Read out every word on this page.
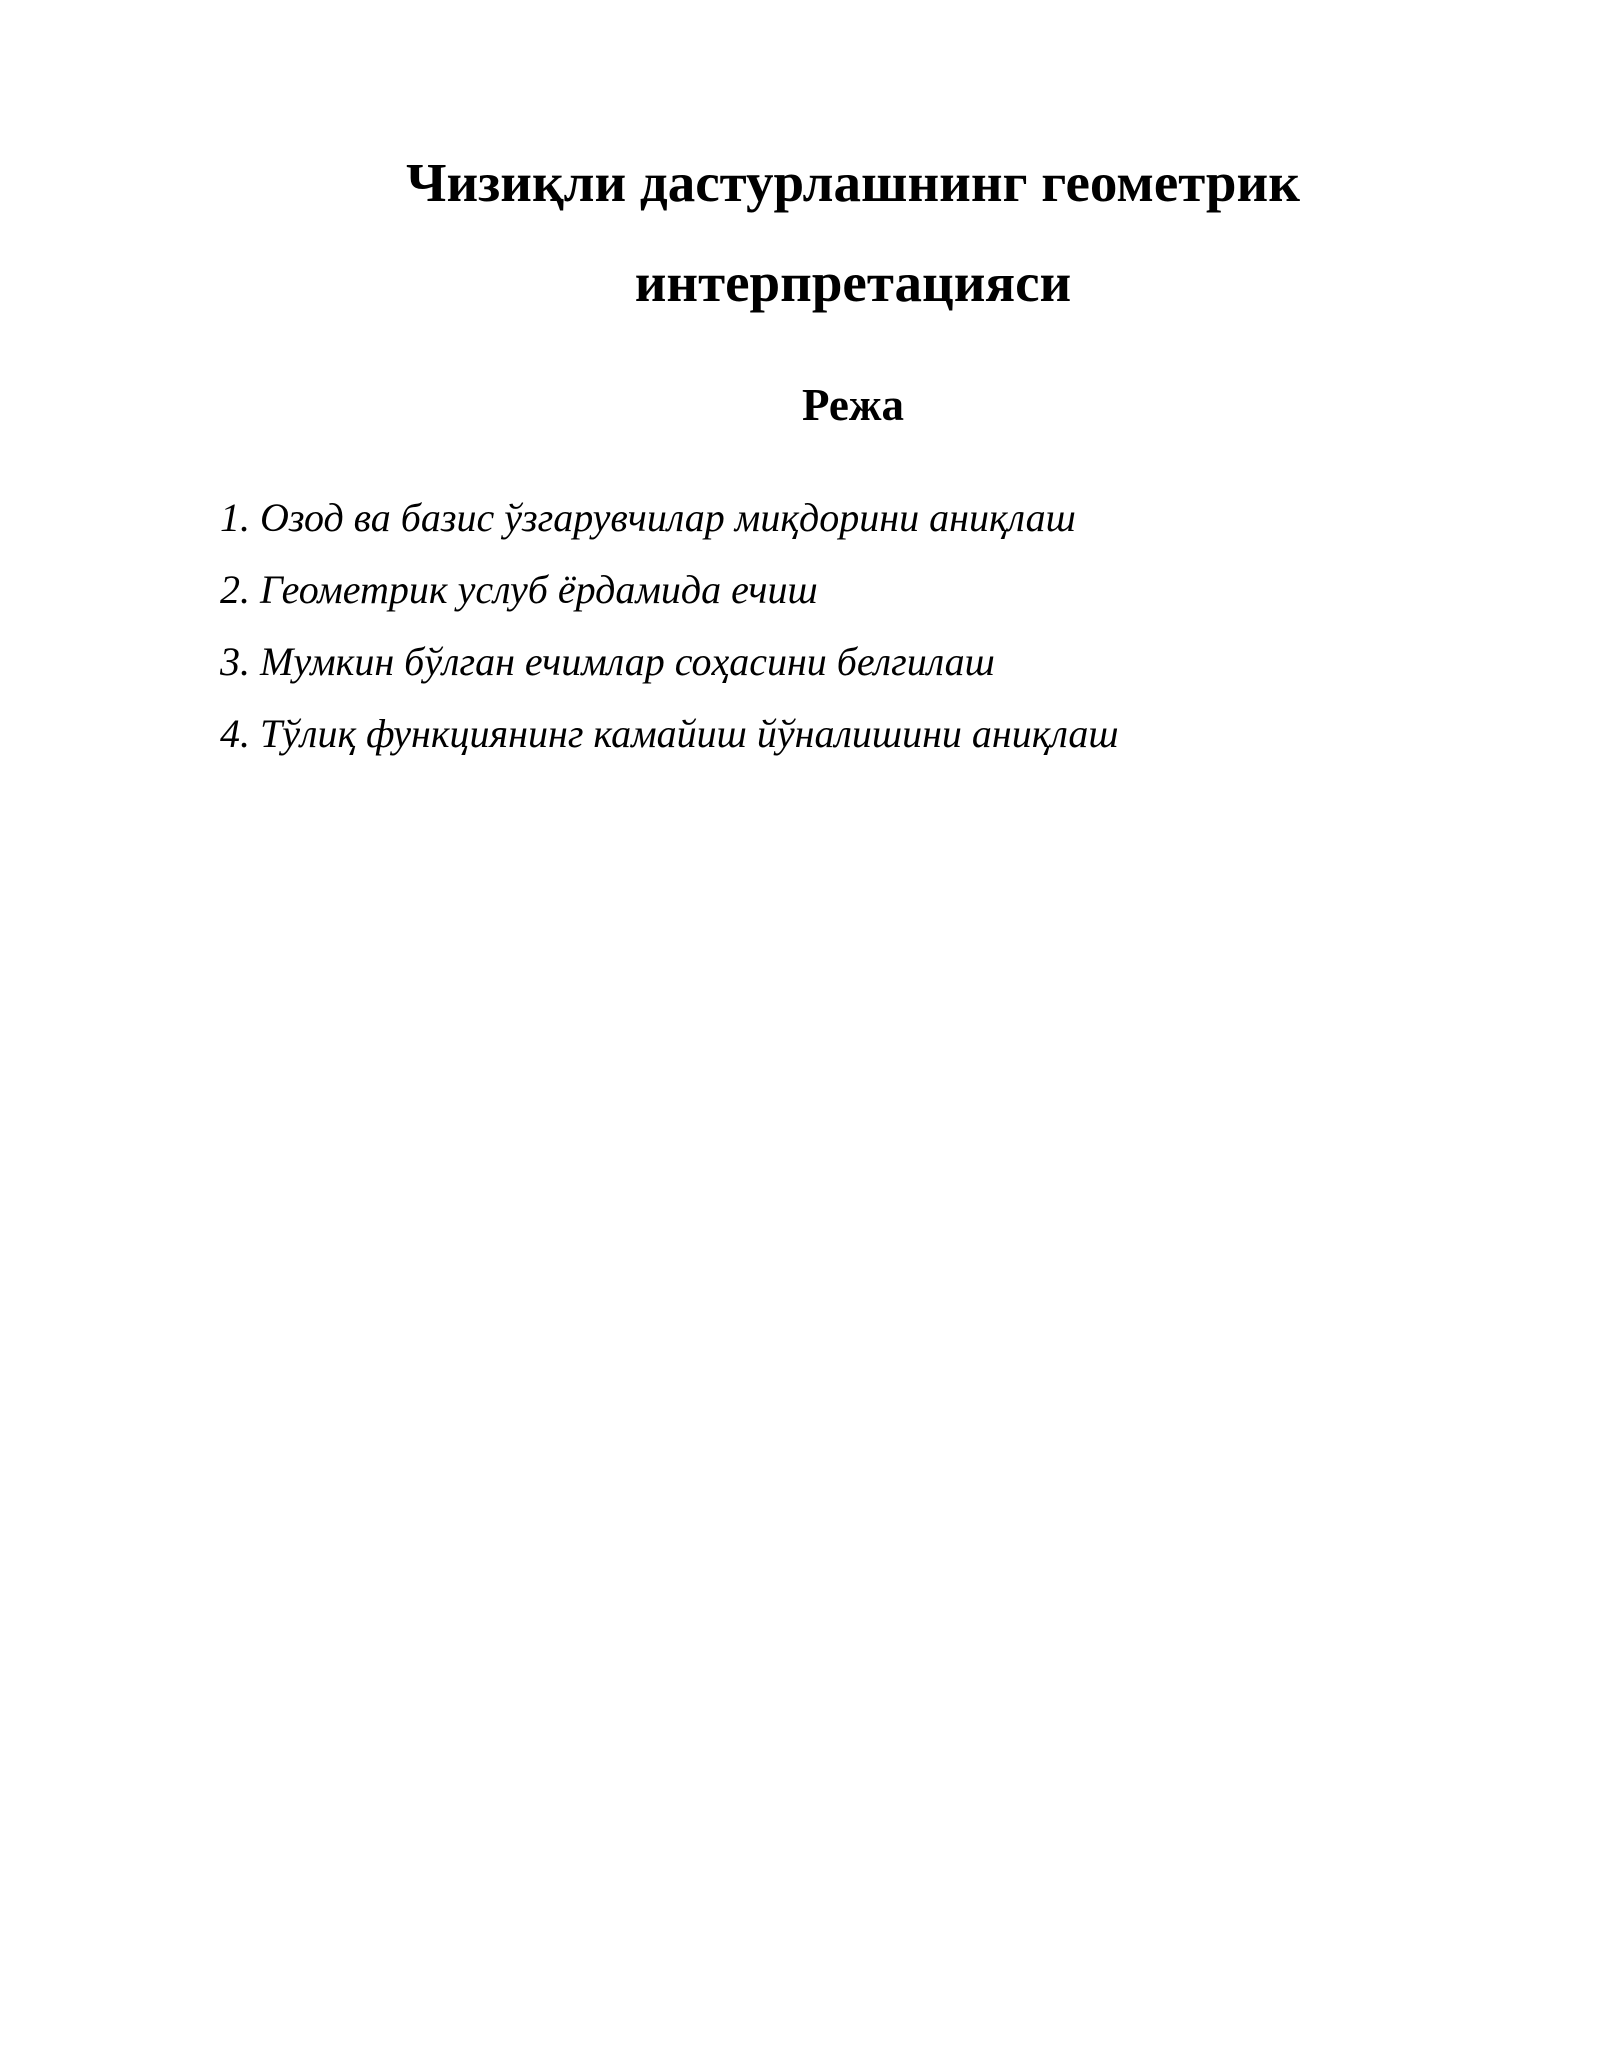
Чизиқли дастурлашнинг геометрик
интерпретацияси
Режа
1. Озод ва базис ўзгарувчилар миқдорини аниқлаш
2. Геометрик услуб ёрдамида ечиш
3. Мумкин бўлган ечимлар соҳасини белгилаш
4. Тўлиқ функциянинг камайиш йўналишини аниқлаш
